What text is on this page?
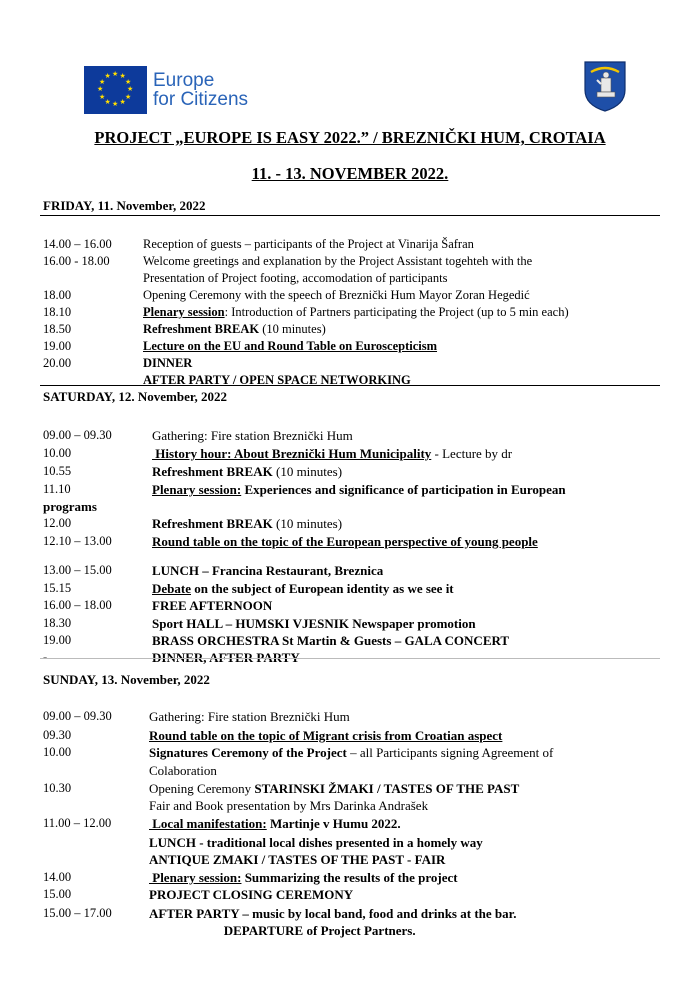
★ ★
★
★
★
★
★
★
★
★
★
★ Europe
for Citizens
PROJECT „EUROPE IS EASY 2022.” / BREZNIČKI HUM, CROTAIA
11. - 13. NOVEMBER 2022.
FRIDAY, 11. November, 2022
14.00 – 16.00	Reception of guests – participants of the Project at Vinarija Šafran
16.00 - 18.00	Welcome greetings and explanation by the Project Assistant togehteh with the
Presentation of Project footing, accomodation of participants
18.00	Opening Ceremony with the speech of Breznički Hum Mayor Zoran Hegedić
18.10	Plenary session: Introduction of Partners participating the Project (up to 5 min each)
18.50	Refreshment BREAK (10 minutes)
19.00	Lecture on the EU and Round Table on Euroscepticism
20.00	DINNER
AFTER PARTY / OPEN SPACE NETWORKING
SATURDAY, 12. November, 2022
09.00 – 09.30	Gathering: Fire station Breznički Hum
10.00	History hour: About Breznički Hum Municipality - Lecture by dr
10.55	Refreshment BREAK (10 minutes)
11.10	Plenary session: Experiences and significance of participation in European
programs
12.00	Refreshment BREAK (10 minutes)
12.10 – 13.00	Round table on the topic of the European perspective of young people
13.00 – 15.00	LUNCH – Francina Restaurant, Breznica
15.15	Debate on the subject of European identity as we see it
16.00 – 18.00	FREE AFTERNOON
18.30	Sport HALL – HUMSKI VJESNIK Newspaper promotion
19.00	BRASS ORCHESTRA St Martin & Guests – GALA CONCERT
-	DINNER, AFTER PARTY
SUNDAY, 13. November, 2022
09.00 – 09.30	Gathering: Fire station Breznički Hum
09.30	Round table on the topic of Migrant crisis from Croatian aspect
10.00	Signatures Ceremony of the Project – all Participants signing Agreement of
Colaboration
10.30	Opening Ceremony STARINSKI ŽMAKI / TASTES OF THE PAST
Fair and Book presentation by Mrs Darinka Andrašek
11.00 – 12.00	Local manifestation: Martinje v Humu 2022.
LUNCH - traditional local dishes presented in a homely way
ANTIQUE ZMAKI / TASTES OF THE PAST - FAIR
14.00	Plenary session: Summarizing the results of the project
15.00	PROJECT CLOSING CEREMONY
15.00 – 17.00	AFTER PARTY – music by local band, food and drinks at the bar.
DEPARTURE of Project Partners.
